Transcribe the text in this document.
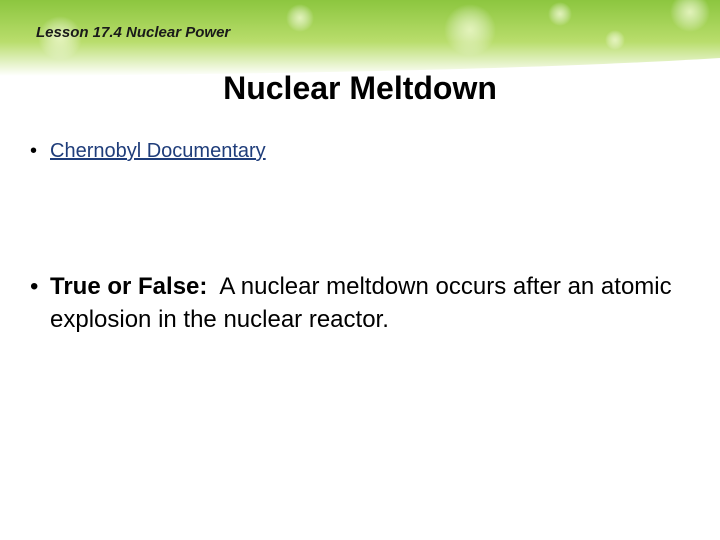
Lesson 17.4 Nuclear Power
Nuclear Meltdown
• Chernobyl Documentary
• True or False:  A nuclear meltdown occurs after an atomic explosion in the nuclear reactor.
